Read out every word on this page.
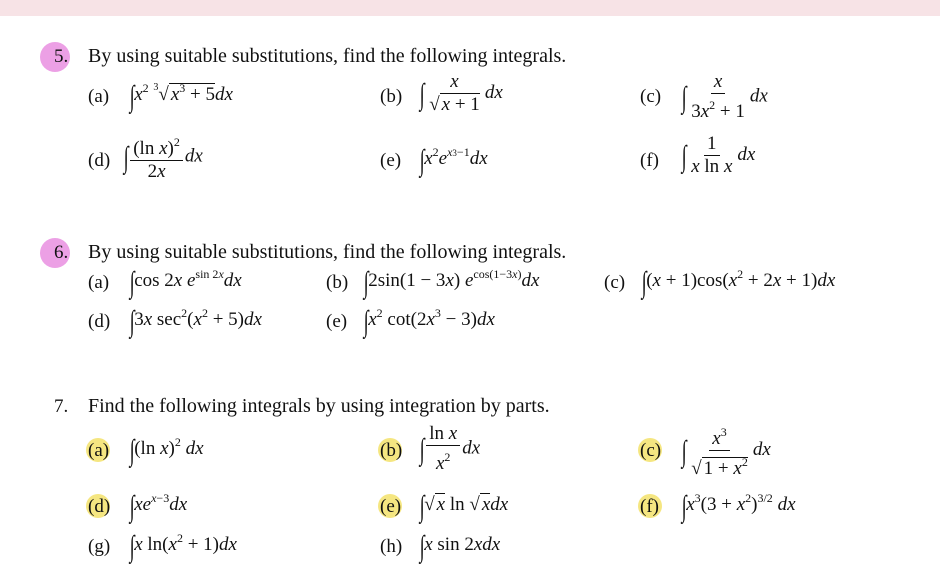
5. By using suitable substitutions, find the following integrals.
(a) $\int x^2$ $^3$√ $x^3 + 5dx$	(b) ∫ $\frac{x}{√ x + 1}$ dx	(c) ∫ $\frac{x}{3x^2 + 1}$ dx
(d) ∫ $\frac{(\ln x)^2}{2x}$ dx	(e) $\int x^2e^{x3-1}dx$	(f) ∫ $\frac{1}{\text{x ln x}}$ dx
6. By using suitable substitutions, find the following integrals.
(a) ∫cos 2x $e^{sin 2x}dx$	(b) ∫2sin(1 − 3x) $e^{cos(1-3x)}dx$	(c) $\int(x + 1)\cos(x^2 + 2x + 1)dx$
(d) ∫3x $\sec^2(x^2 + 5)dx$	(e) $\int x^2$ $\cot(2x^3 - 3)dx$
7. Find the following integrals by using integration by parts.
(a) ∫(ln x)$^2$ dx	(b) ∫ $\frac{\text{ln x}}{x^2}$ dx	(c) ∫ $\frac{x^3}{√ 1 + x^2}$ dx
(d) $\int xe^{x-3}dx$	(e) ∫√ x ln √ xdx	(f) $\int x^3(3 + x^2)^{3/2}$ dx
(g) ∫x $\ln(x^2 + 1)dx$	(h) ∫x sin 2xdx
